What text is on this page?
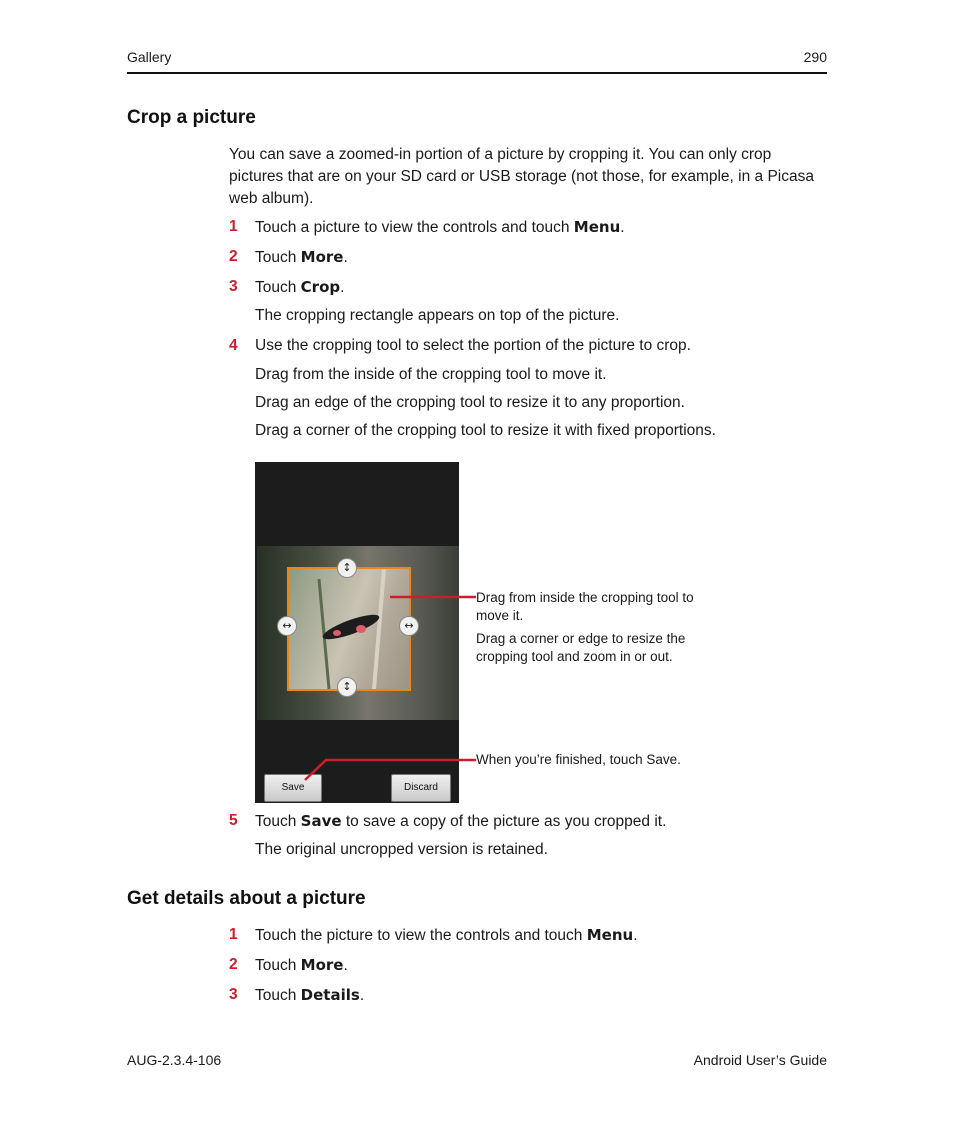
Gallery	290
Crop a picture
You can save a zoomed-in portion of a picture by cropping it. You can only crop pictures that are on your SD card or USB storage (not those, for example, in a Picasa web album).
1 Touch a picture to view the controls and touch Menu.
2 Touch More.
3 Touch Crop.
The cropping rectangle appears on top of the picture.
4 Use the cropping tool to select the portion of the picture to crop.
Drag from the inside of the cropping tool to move it.
Drag an edge of the cropping tool to resize it to any proportion.
Drag a corner of the cropping tool to resize it with fixed proportions.
↕
↕
↔	↔
Save	Discard
Drag from inside the cropping tool to move it.
Drag a corner or edge to resize the cropping tool and zoom in or out.
When you’re finished, touch Save.
5 Touch Save to save a copy of the picture as you cropped it.
The original uncropped version is retained.
Get details about a picture
1 Touch the picture to view the controls and touch Menu.
2 Touch More.
3 Touch Details.
AUG-2.3.4-106	Android User’s Guide
